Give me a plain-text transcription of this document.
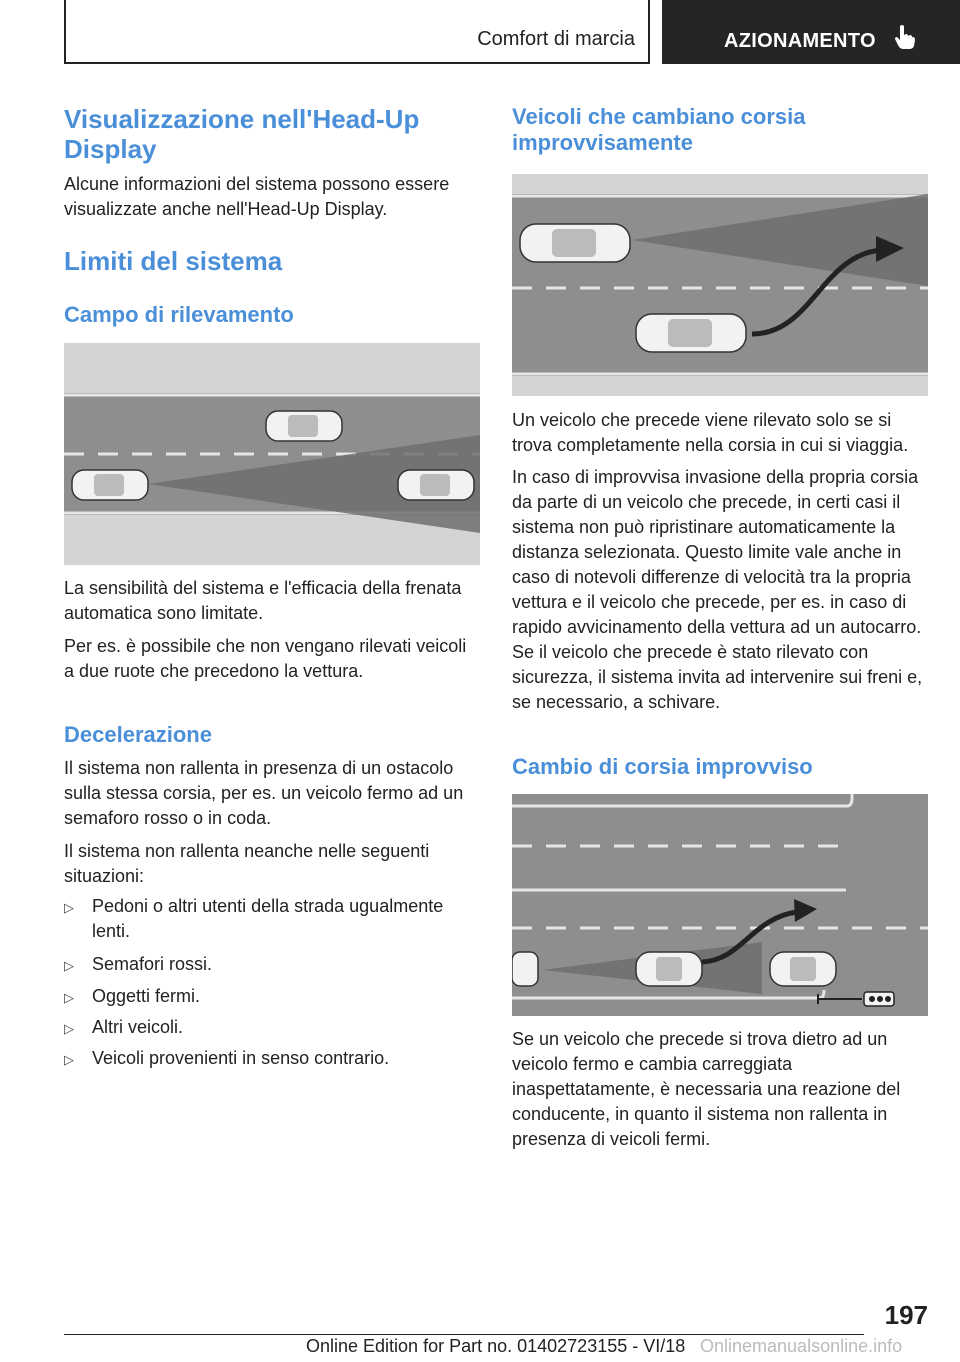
Comfort di marcia	AZIONAMENTO
Visualizzazione nell'Head-Up Display

Alcune informazioni del sistema possono essere visualizzate anche nell'Head-Up Display.

Limiti del sistema
Campo di rilevamento

La sensibilità del sistema e l'efficacia della frenata automatica sono limitate.

Per es. è possibile che non vengano rilevati veicoli a due ruote che precedono la vettura.

Decelerazione

Il sistema non rallenta in presenza di un ostacolo sulla stessa corsia, per es. un veicolo fermo ad un semaforo rosso o in coda.

Il sistema non rallenta neanche nelle seguenti situazioni:

▷ Pedoni o altri utenti della strada ugualmente lenti.
▷ Semafori rossi.
▷ Oggetti fermi.
▷ Altri veicoli.
▷ Veicoli provenienti in senso contrario.
Veicoli che cambiano corsia improvvisamente

Un veicolo che precede viene rilevato solo se si trova completamente nella corsia in cui si viaggia.

In caso di improvvisa invasione della propria corsia da parte di un veicolo che precede, in certi casi il sistema non può ripristinare automaticamente la distanza selezionata. Questo limite vale anche in caso di notevoli differenze di velocità tra la propria vettura e il veicolo che precede, per es. in caso di rapido avvicinamento della vettura ad un autocarro. Se il veicolo che precede è stato rilevato con sicurezza, il sistema invita ad intervenire sui freni e, se necessario, a schivare.

Cambio di corsia improvviso

Se un veicolo che precede si trova dietro ad un veicolo fermo e cambia carreggiata inaspettatamente, è necessaria una reazione del conducente, in quanto il sistema non rallenta in presenza di veicoli fermi.

197
Online Edition for Part no. 01402723155 - VI/18 Onlinemanualsonline.info
